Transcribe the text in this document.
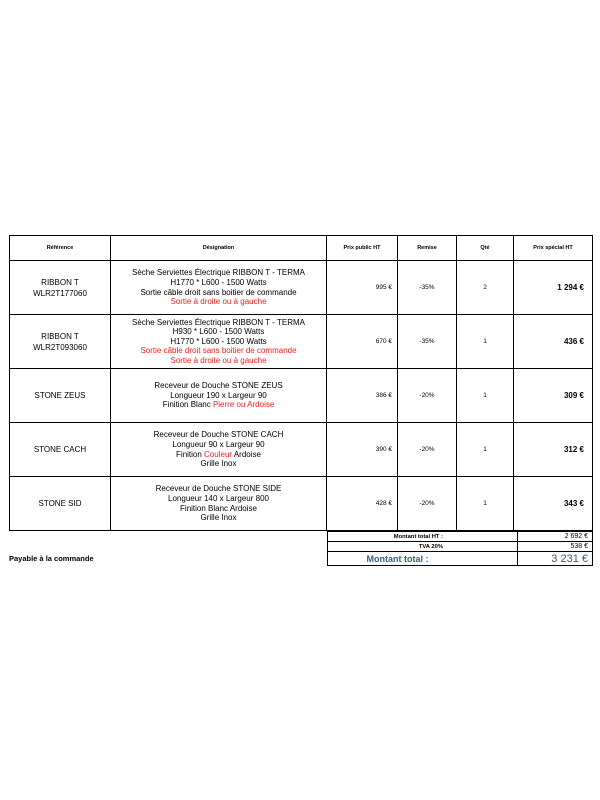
Référence	Désignation	Prix public HT	Remise	Qté	Prix spécial HT
RIBBON T
WLR2T177060	Sèche Serviettes Électrique RIBBON T - TERMA
H1770 * L600 - 1500 Watts
Sortie câble droit sans boitier de commande
Sortie à droite ou à gauche	995 €	-35%	2	1 294 €
RIBBON T
WLR2T093060	Sèche Serviettes Électrique RIBBON T - TERMA
H930 * L600 - 1500 Watts
H1770 * L600 - 1500 Watts
Sortie câble droit sans boitier de commande
Sortie à droite ou à gauche	670 €	-35%	1	436 €
STONE ZEUS	Receveur de Douche STONE ZEUS
Longueur 190 x Largeur 90
Finition Blanc Pierre ou Ardoise	386 €	-20%	1	309 €
STONE CACH	Receveur de Douche STONE CACH
Longueur 90 x Largeur 90
Finition Couleur Ardoise
Grille Inox	390 €	-20%	1	312 €
STONE SID	Receveur de Douche STONE SIDE
Longueur 140 x Largeur 800
Finition Blanc Ardoise
Grille Inox	428 €	-20%	1	343 €
Montant total HT :	2 692 €
TVA 20%	538 €
Montant total :	3 231 €
Payable à la commande
